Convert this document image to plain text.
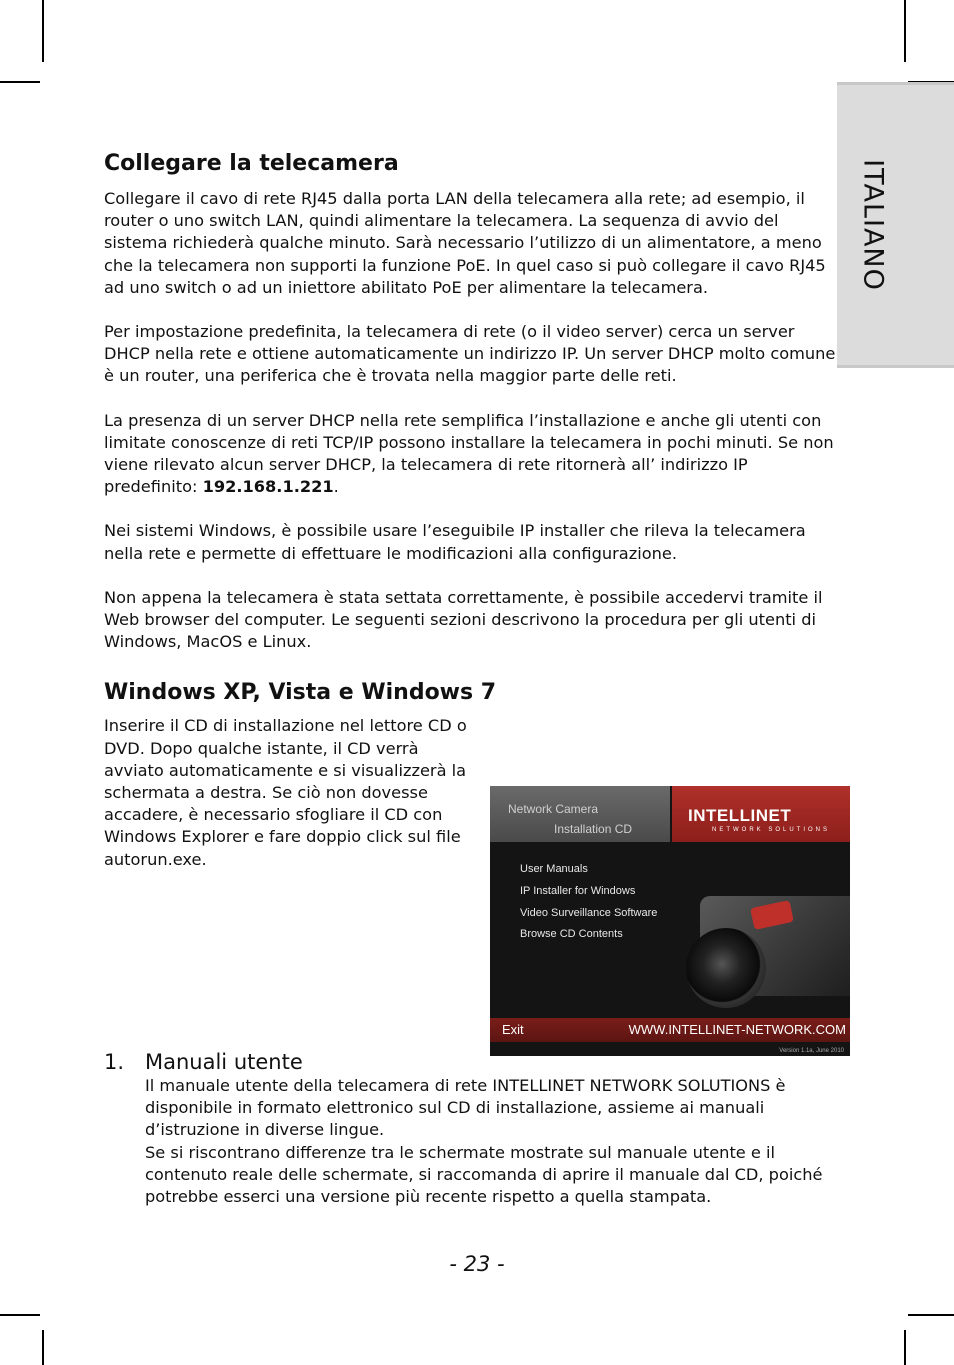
ITALIANO
Collegare la telecamera

Collegare il cavo di rete RJ45 dalla porta LAN della telecamera alla rete; ad esempio, il router o uno switch LAN, quindi alimentare la telecamera. La sequenza di avvio del sistema richiederà qualche minuto. Sarà necessario l’utilizzo di un alimentatore, a meno che la telecamera non supporti la funzione PoE. In quel caso si può collegare il cavo RJ45 ad uno switch o ad un iniettore abilitato PoE per alimentare la telecamera.

Per impostazione predefinita, la telecamera di rete (o il video server) cerca un server DHCP nella rete e ottiene automaticamente un indirizzo IP. Un server DHCP molto comune è un router, una periferica che è trovata nella maggior parte delle reti.

La presenza di un server DHCP nella rete semplifica l’installazione e anche gli utenti con limitate conoscenze di reti TCP/IP possono installare la telecamera in pochi minuti. Se non viene rilevato alcun server DHCP, la telecamera di rete ritornerà all’ indirizzo IP predefinito: 192.168.1.221.

Nei sistemi Windows, è possibile usare l’eseguibile IP installer che rileva la telecamera nella rete e permette di effettuare le modificazioni alla configurazione.

Non appena la telecamera è stata settata correttamente, è possibile accedervi tramite il Web browser del computer. Le seguenti sezioni descrivono la procedura per gli utenti di Windows, MacOS e Linux.

Windows XP, Vista e Windows 7

Inserire il CD di installazione nel lettore CD o DVD. Dopo qualche istante, il CD verrà avviato automaticamente e si visualizzerà la schermata a destra. Se ciò non dovesse accadere, è necessario sfogliare il CD con Windows Explorer e fare doppio click sul file autorun.exe.

Network Camera
Installation CD
INTELLINET
NETWORK SOLUTIONS
User Manuals
IP Installer for Windows
Video Surveillance Software
Browse CD Contents
Exit	WWW.INTELLINET-NETWORK.COM
Version 1.1a, June 2010
1. Manuali utente
Il manuale utente della telecamera di rete INTELLINET NETWORK SOLUTIONS è disponibile in formato elettronico sul CD di installazione, assieme ai manuali d’istruzione in diverse lingue.
Se si riscontrano differenze tra le schermate mostrate sul manuale utente e il contenuto reale delle schermate, si raccomanda di aprire il manuale dal CD, poiché potrebbe esserci una versione più recente rispetto a quella stampata.
- 23 -
